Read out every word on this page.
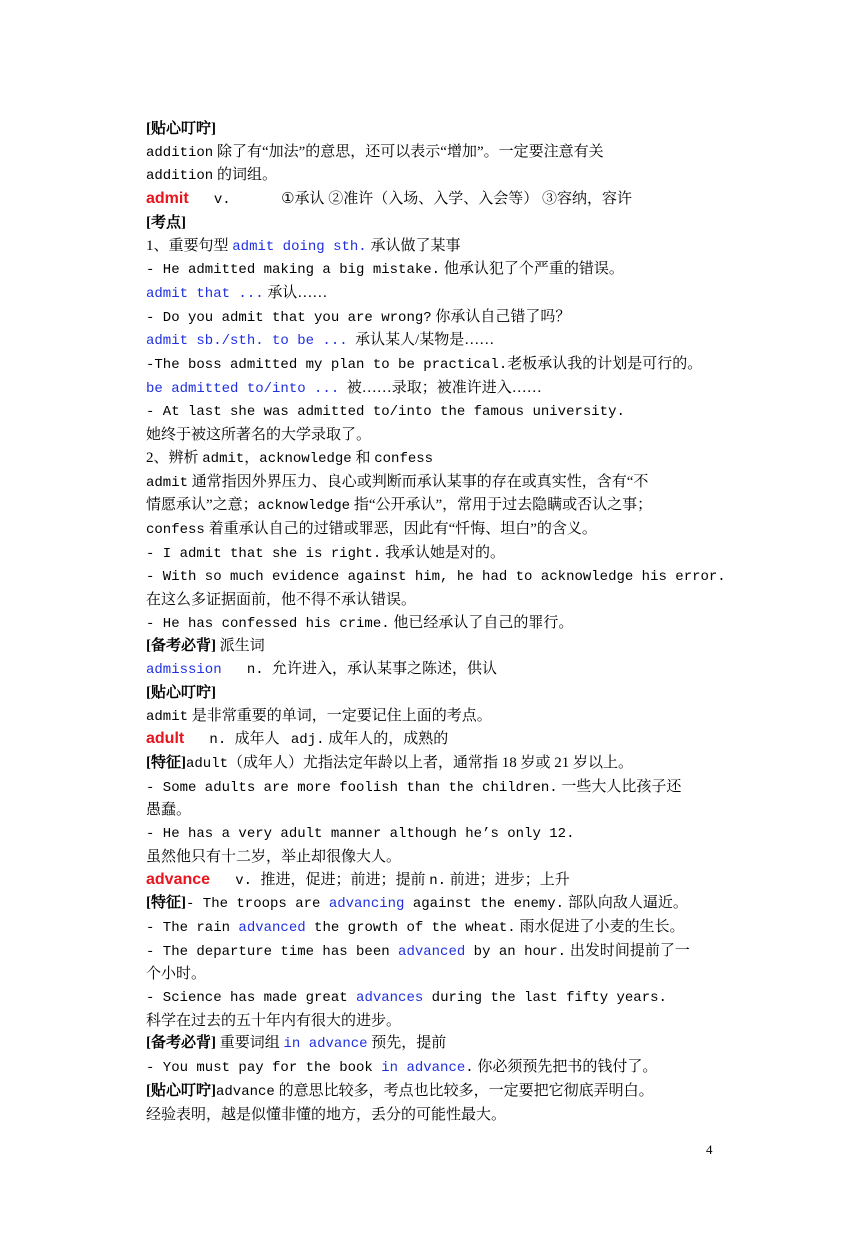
[贴心叮咛]
addition 除了有“加法”的意思，还可以表示“增加”。一定要注意有关
addition 的词组。
admit   v.      ①承认 ②准许（入场、入学、入会等） ③容纳，容许
[考点]
1、重要句型 admit doing sth. 承认做了某事
- He admitted making a big mistake. 他承认犯了个严重的错误。
admit that ... 承认……
- Do you admit that you are wrong? 你承认自己错了吗？
admit sb./sth. to be ...  承认某人/某物是……
-The boss admitted my plan to be practical.老板承认我的计划是可行的。
be admitted to/into ...  被……录取；被准许进入……
- At last she was admitted to/into the famous university.
她终于被这所著名的大学录取了。
2、辨析 admit，acknowledge 和 confess
admit 通常指因外界压力、良心或判断而承认某事的存在或真实性，含有“不
情愿承认”之意；acknowledge 指“公开承认”，常用于过去隐瞒或否认之事；
confess 着重承认自己的过错或罪恶，因此有“忏悔、坦白”的含义。
- I admit that she is right. 我承认她是对的。
- With so much evidence against him, he had to acknowledge his error.
在这么多证据面前，他不得不承认错误。
- He has confessed his crime. 他已经承认了自己的罪行。
[备考必背] 派生词
admission   n. 允许进入，承认某事之陈述，供认
[贴心叮咛]
admit 是非常重要的单词，一定要记住上面的考点。
adult   n. 成年人   adj. 成年人的，成熟的
[特征]adult（成年人）尤指法定年龄以上者，通常指 18 岁或 21 岁以上。
- Some adults are more foolish than the children. 一些大人比孩子还
愚蠢。
- He has a very adult manner although he’s only 12.
虽然他只有十二岁，举止却很像大人。
advance   v. 推进，促进；前进；提前 n. 前进；进步；上升
[特征]- The troops are advancing against the enemy. 部队向敌人逼近。
- The rain advanced the growth of the wheat. 雨水促进了小麦的生长。
- The departure time has been advanced by an hour. 出发时间提前了一
个小时。
- Science has made great advances during the last fifty years.
科学在过去的五十年内有很大的进步。
[备考必背] 重要词组 in advance 预先，提前
- You must pay for the book in advance. 你必须预先把书的钱付了。
[贴心叮咛]advance 的意思比较多，考点也比较多，一定要把它彻底弄明白。
经验表明，越是似懂非懂的地方，丢分的可能性最大。
4
